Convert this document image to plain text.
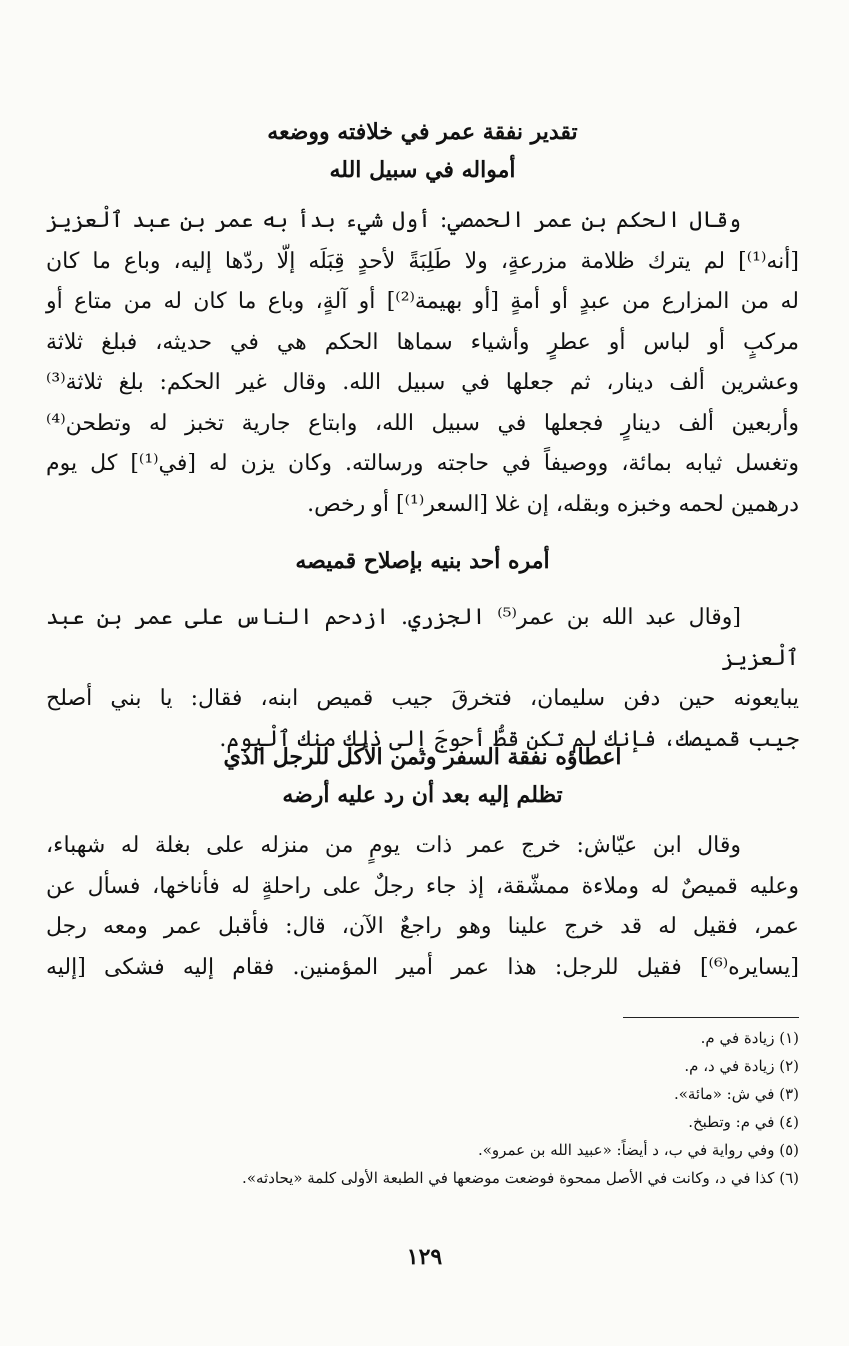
تقدير نفقة عمر في خلافته ووضعه

أمواله في سبيل الله

وقال الحكم بن عمر الحمصي: أول شيء بدأ به عمر بن عبد ٱلْعزيز
[أنه⁽¹⁾] لم يترك ظلامة مزرعةٍ، ولا طَلِبَةً لأحدٍ قِبَلَه إلّا ردّها إليه، وباع ما كان
له من المزارع من عبدٍ أو أمةٍ [أو بهيمة⁽²⁾] أو آلةٍ، وباع ما كان له من متاع أو
مركبٍ أو لباس أو عطرٍ وأشياء سماها الحكم هي في حديثه، فبلغ ثلاثة
وعشرين ألف دينار، ثم جعلها في سبيل الله. وقال غير الحكم: بلغ ثلاثة⁽³⁾
وأربعين ألف دينارٍ فجعلها في سبيل الله، وابتاع جارية تخبز له وتطحن⁽⁴⁾
وتغسل ثيابه بمائة، ووصيفاً في حاجته ورسالته. وكان يزن له [في⁽¹⁾] كل يوم
درهمين لحمه وخبزه وبقله، إن غلا [السعر⁽¹⁾] أو رخص.

أمره أحد بنيه بإصلاح قميصه

[وقال عبد الله بن عمر⁽⁵⁾ الجزري. ازدحم الناس على عمر بن عبد ٱلْعزيز
يبايعونه حين دفن سليمان، فتخرقَ جيب قميص ابنه، فقال: يا بني أصلح
جيب قميصك، فإنك لم تكن قطُّ أحوجَ إلى ذلك منك ٱلْيوم.

اعطاؤه نفقة السفر وثمن الأكل للرجل الذي

تظلم إليه بعد أن رد عليه أرضه

وقال ابن عيّاش: خرج عمر ذات يومٍ من منزله على بغلة له شهباء،
وعليه قميصٌ له وملاءة ممشّقة، إذ جاء رجلٌ على راحلةٍ له فأناخها، فسأل عن
عمر، فقيل له قد خرج علينا وهو راجعٌ الآن، قال: فأقبل عمر ومعه رجل
[يسايره⁽⁶⁾] فقيل للرجل: هذا عمر أمير المؤمنين. فقام إليه فشكى [إليه
(١) زيادة في م.
(٢) زيادة في د، م.
(٣) في ش: «مائة».
(٤) في م: وتطبخ.
(٥) وفي رواية في ب، د أيضاً: «عبيد الله بن عمرو».
(٦) كذا في د، وكانت في الأصل ممحوة فوضعت موضعها في الطبعة الأولى كلمة «يحادثه».
١٢٩
